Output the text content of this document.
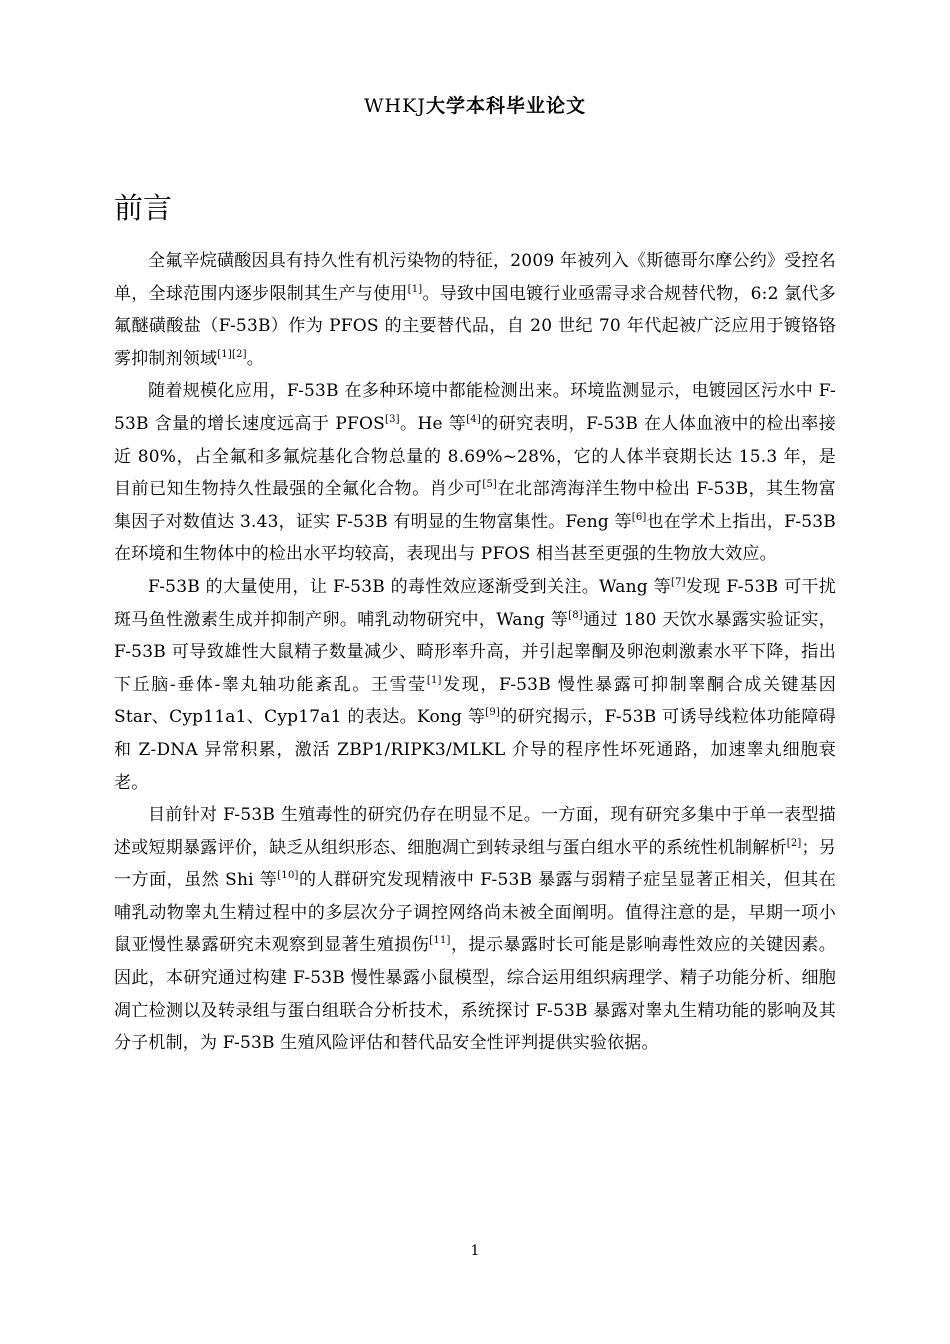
WHKJ大学本科毕业论文
前言

全氟辛烷磺酸因具有持久性有机污染物的特征，2009 年被列入《斯德哥尔摩公约》受控名单，全球范围内逐步限制其生产与使用[1]。导致中国电镀行业亟需寻求合规替代物，6:2 氯代多氟醚磺酸盐（F-53B）作为 PFOS 的主要替代品，自 20 世纪 70 年代起被广泛应用于镀铬铬雾抑制剂领域[1][2]。

随着规模化应用，F-53B 在多种环境中都能检测出来。环境监测显示，电镀园区污水中 F-53B 含量的增长速度远高于 PFOS[3]。He 等[4]的研究表明，F-53B 在人体血液中的检出率接近 80%，占全氟和多氟烷基化合物总量的 8.69%~28%，它的人体半衰期长达 15.3 年，是目前已知生物持久性最强的全氟化合物。肖少可[5]在北部湾海洋生物中检出 F-53B，其生物富集因子对数值达 3.43，证实 F-53B 有明显的生物富集性。Feng 等[6]也在学术上指出，F-53B 在环境和生物体中的检出水平均较高，表现出与 PFOS 相当甚至更强的生物放大效应。

F-53B 的大量使用，让 F-53B 的毒性效应逐渐受到关注。Wang 等[7]发现 F-53B 可干扰斑马鱼性激素生成并抑制产卵。哺乳动物研究中，Wang 等[8]通过 180 天饮水暴露实验证实，F-53B 可导致雄性大鼠精子数量减少、畸形率升高，并引起睾酮及卵泡刺激素水平下降，指出下丘脑-垂体-睾丸轴功能紊乱。王雪莹[1]发现，F-53B 慢性暴露可抑制睾酮合成关键基因 Star、Cyp11a1、Cyp17a1 的表达。Kong 等[9]的研究揭示，F-53B 可诱导线粒体功能障碍和 Z-DNA 异常积累，激活 ZBP1/RIPK3/MLKL 介导的程序性坏死通路，加速睾丸细胞衰老。

目前针对 F-53B 生殖毒性的研究仍存在明显不足。一方面，现有研究多集中于单一表型描述或短期暴露评价，缺乏从组织形态、细胞凋亡到转录组与蛋白组水平的系统性机制解析[2]；另一方面，虽然 Shi 等[10]的人群研究发现精液中 F-53B 暴露与弱精子症呈显著正相关，但其在哺乳动物睾丸生精过程中的多层次分子调控网络尚未被全面阐明。值得注意的是，早期一项小鼠亚慢性暴露研究未观察到显著生殖损伤[11]，提示暴露时长可能是影响毒性效应的关键因素。因此，本研究通过构建 F-53B 慢性暴露小鼠模型，综合运用组织病理学、精子功能分析、细胞凋亡检测以及转录组与蛋白组联合分析技术，系统探讨 F-53B 暴露对睾丸生精功能的影响及其分子机制，为 F-53B 生殖风险评估和替代品安全性评判提供实验依据。

1
